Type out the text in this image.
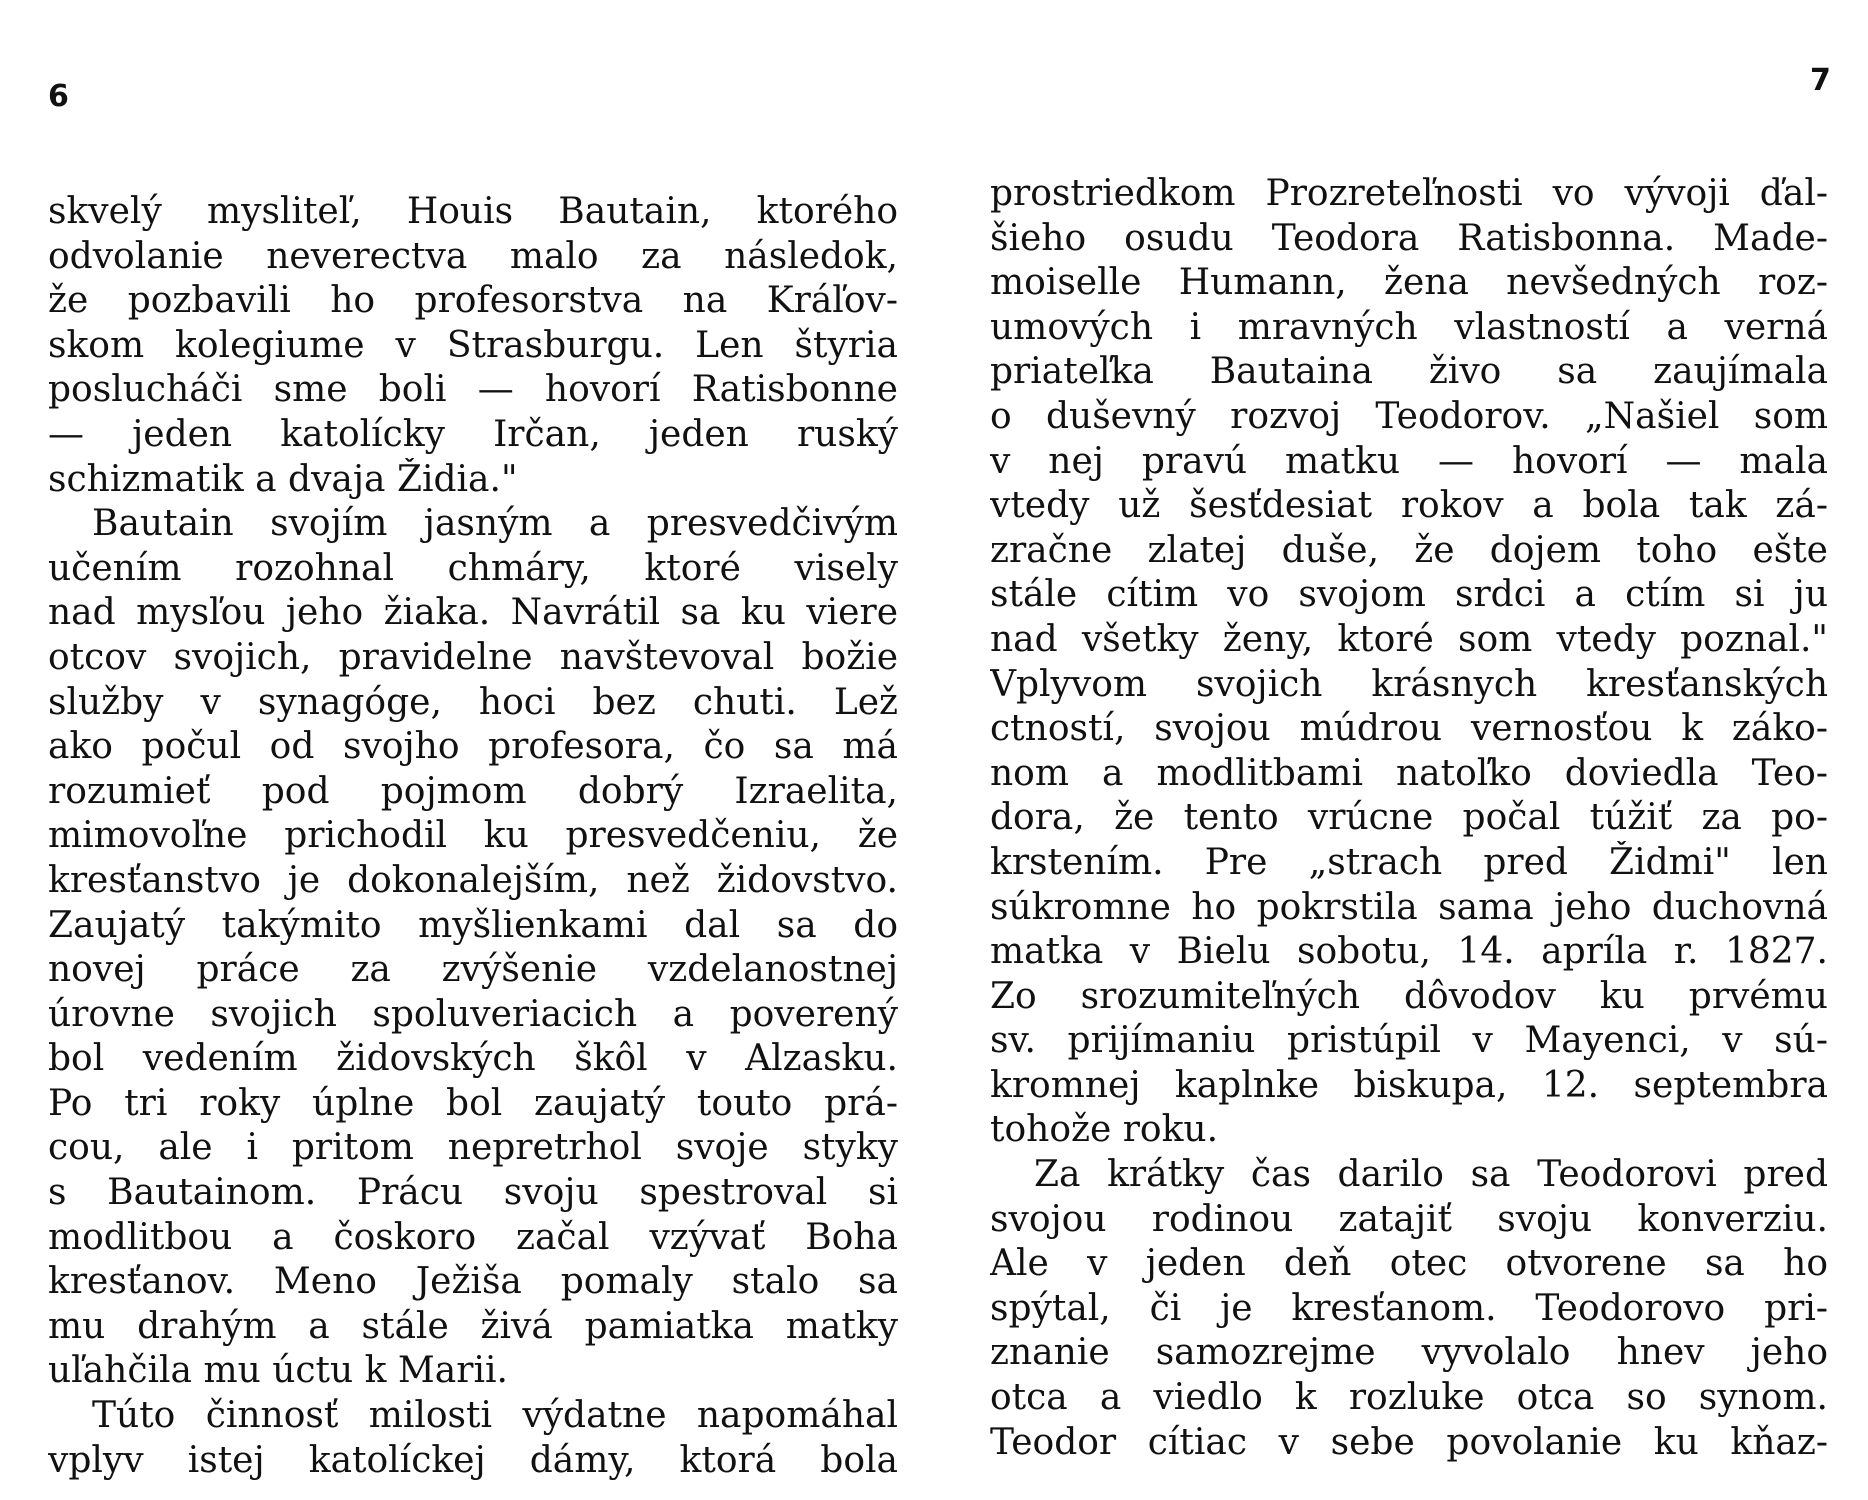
6	7
skvelý mysliteľ, Houis Bautain, ktorého
odvolanie neverectva malo za následok,
že pozbavili ho profesorstva na Kráľov-
skom kolegiume v Strasburgu. Len štyria
poslucháči sme boli — hovorí Ratisbonne
— jeden katolícky Irčan, jeden ruský
schizmatik a dvaja Židia."
Bautain svojím jasným a presvedčivým
učením rozohnal chmáry, ktoré visely
nad mysľou jeho žiaka. Navrátil sa ku viere
otcov svojich, pravidelne navštevoval božie
služby v synagóge, hoci bez chuti. Lež
ako počul od svojho profesora, čo sa má
rozumieť pod pojmom dobrý Izraelita,
mimovoľne prichodil ku presvedčeniu, že
kresťanstvo je dokonalejším, než židovstvo.
Zaujatý takýmito myšlienkami dal sa do
novej práce za zvýšenie vzdelanostnej
úrovne svojich spoluveriacich a poverený
bol vedením židovských škôl v Alzasku.
Po tri roky úplne bol zaujatý touto prá-
cou, ale i pritom nepretrhol svoje styky
s Bautainom. Prácu svoju spestroval si
modlitbou a čoskoro začal vzývať Boha
kresťanov. Meno Ježiša pomaly stalo sa
mu drahým a stále živá pamiatka matky
uľahčila mu úctu k Marii.
Túto činnosť milosti výdatne napomáhal
vplyv istej katolíckej dámy, ktorá bola
prostriedkom Prozreteľnosti vo vývoji ďal-
šieho osudu Teodora Ratisbonna. Made-
moiselle Humann, žena nevšedných roz-
umových i mravných vlastností a verná
priateľka Bautaina živo sa zaujímala
o duševný rozvoj Teodorov. „Našiel som
v nej pravú matku — hovorí — mala
vtedy už šesťdesiat rokov a bola tak zá-
zračne zlatej duše, že dojem toho ešte
stále cítim vo svojom srdci a ctím si ju
nad všetky ženy, ktoré som vtedy poznal."
Vplyvom svojich krásnych kresťanských
ctností, svojou múdrou vernosťou k záko-
nom a modlitbami natoľko doviedla Teo-
dora, že tento vrúcne počal túžiť za po-
krstením. Pre „strach pred Židmi" len
súkromne ho pokrstila sama jeho duchovná
matka v Bielu sobotu, 14. apríla r. 1827.
Zo srozumiteľných dôvodov ku prvému
sv. prijímaniu pristúpil v Mayenci, v sú-
kromnej kaplnke biskupa, 12. septembra
tohože roku.
Za krátky čas darilo sa Teodorovi pred
svojou rodinou zatajiť svoju konverziu.
Ale v jeden deň otec otvorene sa ho
spýtal, či je kresťanom. Teodorovo pri-
znanie samozrejme vyvolalo hnev jeho
otca a viedlo k rozluke otca so synom.
Teodor cítiac v sebe povolanie ku kňaz-
